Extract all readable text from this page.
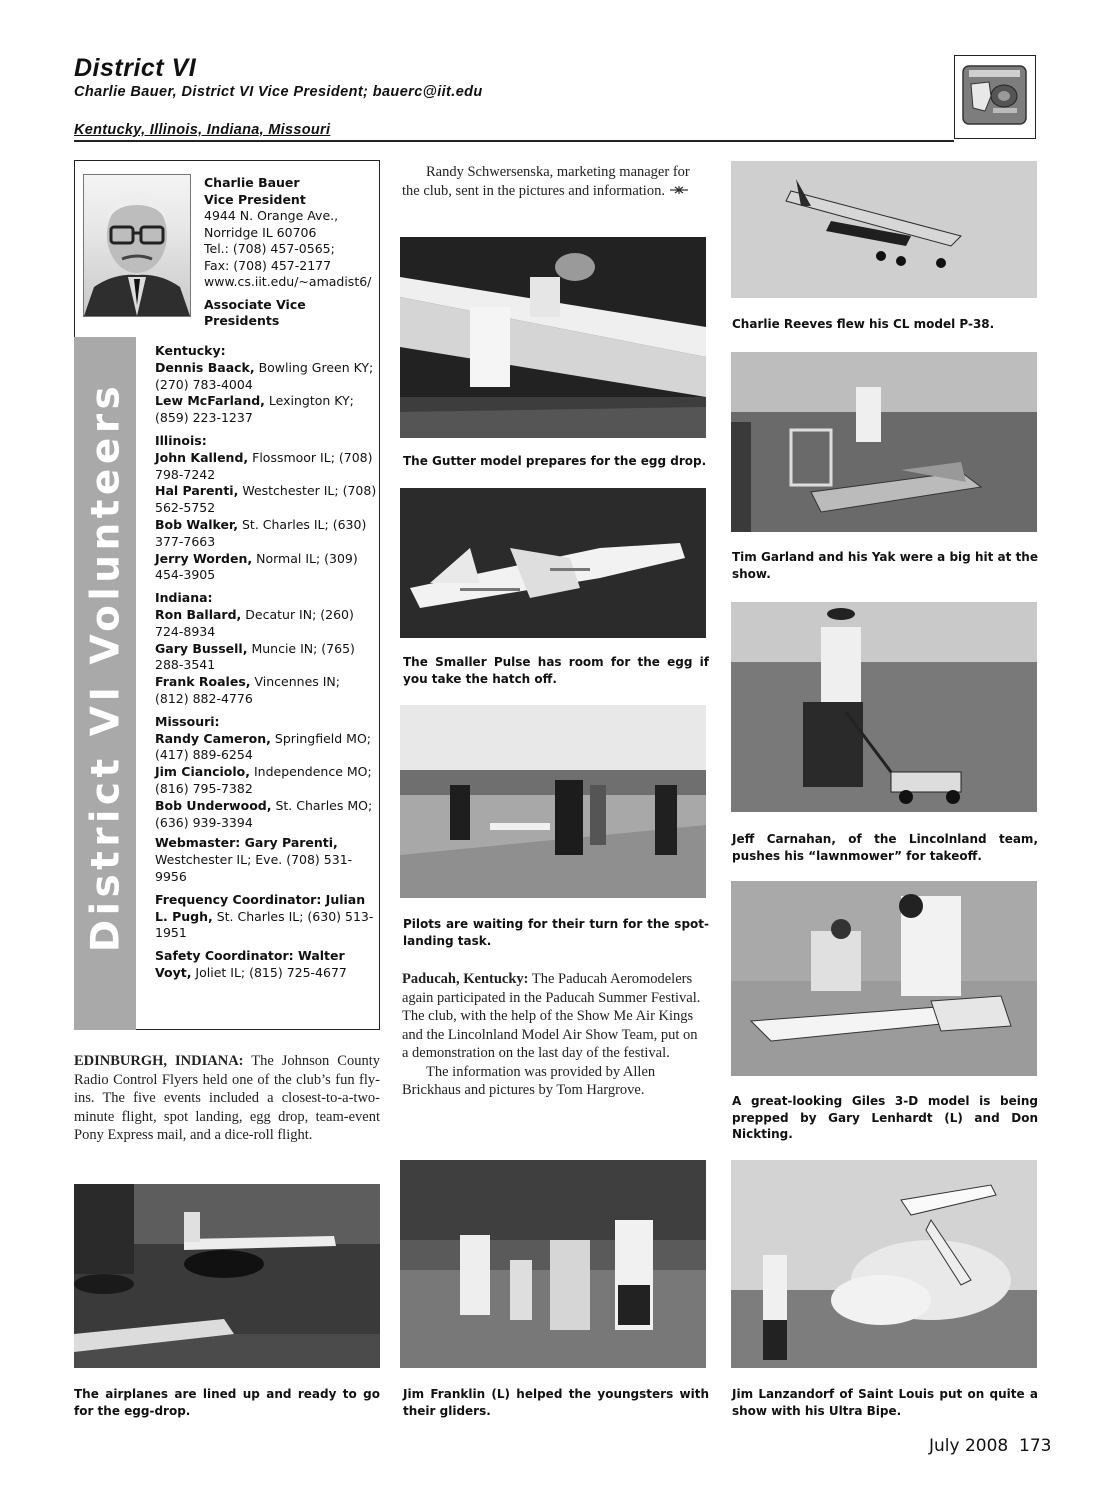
District VI
Charlie Bauer, District VI Vice President; bauerc@iit.edu
Kentucky, Illinois, Indiana, Missouri
District VI Volunteers
Charlie Bauer
Vice President
4944 N. Orange Ave.,
Norridge IL 60706
Tel.: (708) 457-0565;
Fax: (708) 457-2177
www.cs.iit.edu/~amadist6/
Associate Vice Presidents
Kentucky:
Dennis Baack, Bowling Green KY; (270) 783-4004
Lew McFarland, Lexington KY; (859) 223-1237
Illinois:
John Kallend, Flossmoor IL; (708) 798-7242
Hal Parenti, Westchester IL; (708) 562-5752
Bob Walker, St. Charles IL; (630) 377-7663
Jerry Worden, Normal IL; (309) 454-3905
Indiana:
Ron Ballard, Decatur IN; (260) 724-8934
Gary Bussell, Muncie IN; (765) 288-3541
Frank Roales, Vincennes IN; (812) 882-4776
Missouri:
Randy Cameron, Springfield MO; (417) 889-6254
Jim Cianciolo, Independence MO; (816) 795-7382
Bob Underwood, St. Charles MO; (636) 939-3394
Webmaster: Gary Parenti, Westchester IL; Eve. (708) 531-9956
Frequency Coordinator: Julian L. Pugh, St. Charles IL; (630) 513-1951
Safety Coordinator: Walter Voyt, Joliet IL; (815) 725-4677
EDINBURGH, INDIANA: The Johnson County Radio Control Flyers held one of the club’s fun fly-ins. The five events included a closest-to-a-two-minute flight, spot landing, egg drop, team-event Pony Express mail, and a dice-roll flight.
The airplanes are lined up and ready to go for the egg-drop.
Randy Schwersenska, marketing manager for the club, sent in the pictures and information.
The Gutter model prepares for the egg drop.
The Smaller Pulse has room for the egg if you take the hatch off.
Pilots are waiting for their turn for the spot-landing task.
Paducah, Kentucky: The Paducah Aeromodelers again participated in the Paducah Summer Festival. The club, with the help of the Show Me Air Kings and the Lincolnland Model Air Show Team, put on a demonstration on the last day of the festival.
The information was provided by Allen Brickhaus and pictures by Tom Hargrove.
Jim Franklin (L) helped the youngsters with their gliders.
Charlie Reeves flew his CL model P-38.
Tim Garland and his Yak were a big hit at the show.
Jeff Carnahan, of the Lincolnland team, pushes his “lawnmower” for takeoff.
A great-looking Giles 3-D model is being prepped by Gary Lenhardt (L) and Don Nickting.
Jim Lanzandorf of Saint Louis put on quite a show with his Ultra Bipe.
July 2008  173
